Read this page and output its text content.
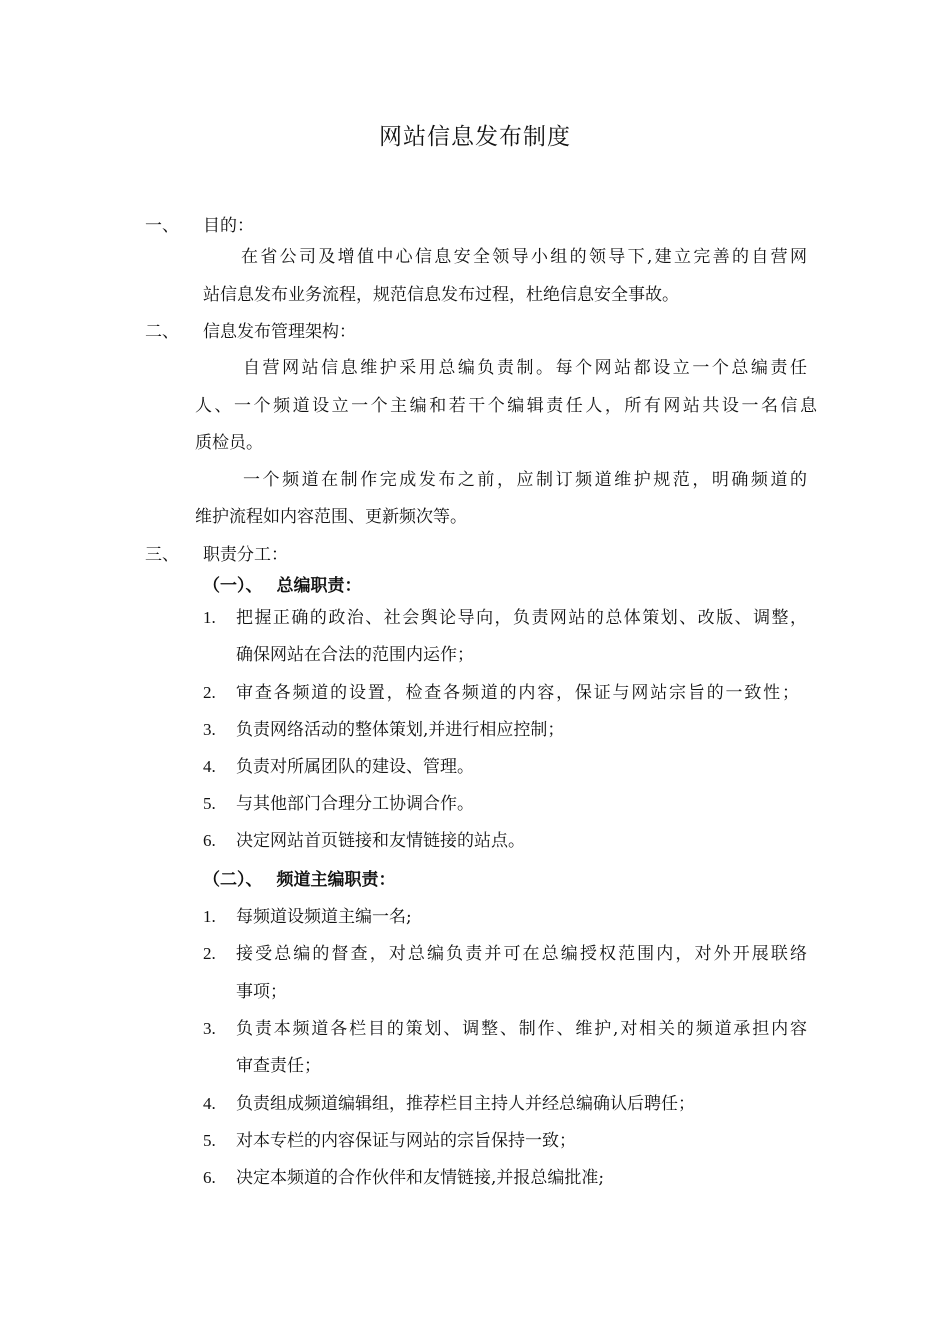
网站信息发布制度
一、 目的：
在省公司及增值中心信息安全领导小组的领导下,建立完善的自营网
站信息发布业务流程，规范信息发布过程，杜绝信息安全事故。
二、 信息发布管理架构：
自营网站信息维护采用总编负责制。每个网站都设立一个总编责任
人、一个频道设立一个主编和若干个编辑责任人，所有网站共设一名信息
质检员。
一个频道在制作完成发布之前，应制订频道维护规范，明确频道的
维护流程如内容范围、更新频次等。
三、 职责分工：
（一）、 总编职责：
1. 把握正确的政治、社会舆论导向，负责网站的总体策划、改版、调整，
确保网站在合法的范围内运作；
2. 审查各频道的设置，检查各频道的内容，保证与网站宗旨的一致性；
3. 负责网络活动的整体策划,并进行相应控制；
4. 负责对所属团队的建设、管理。
5. 与其他部门合理分工协调合作。
6. 决定网站首页链接和友情链接的站点。
（二）、 频道主编职责：
1. 每频道设频道主编一名;
2. 接受总编的督查，对总编负责并可在总编授权范围内，对外开展联络
事项；
3. 负责本频道各栏目的策划、调整、制作、维护,对相关的频道承担内容
审查责任；
4. 负责组成频道编辑组，推荐栏目主持人并经总编确认后聘任；
5. 对本专栏的内容保证与网站的宗旨保持一致；
6. 决定本频道的合作伙伴和友情链接,并报总编批准;
